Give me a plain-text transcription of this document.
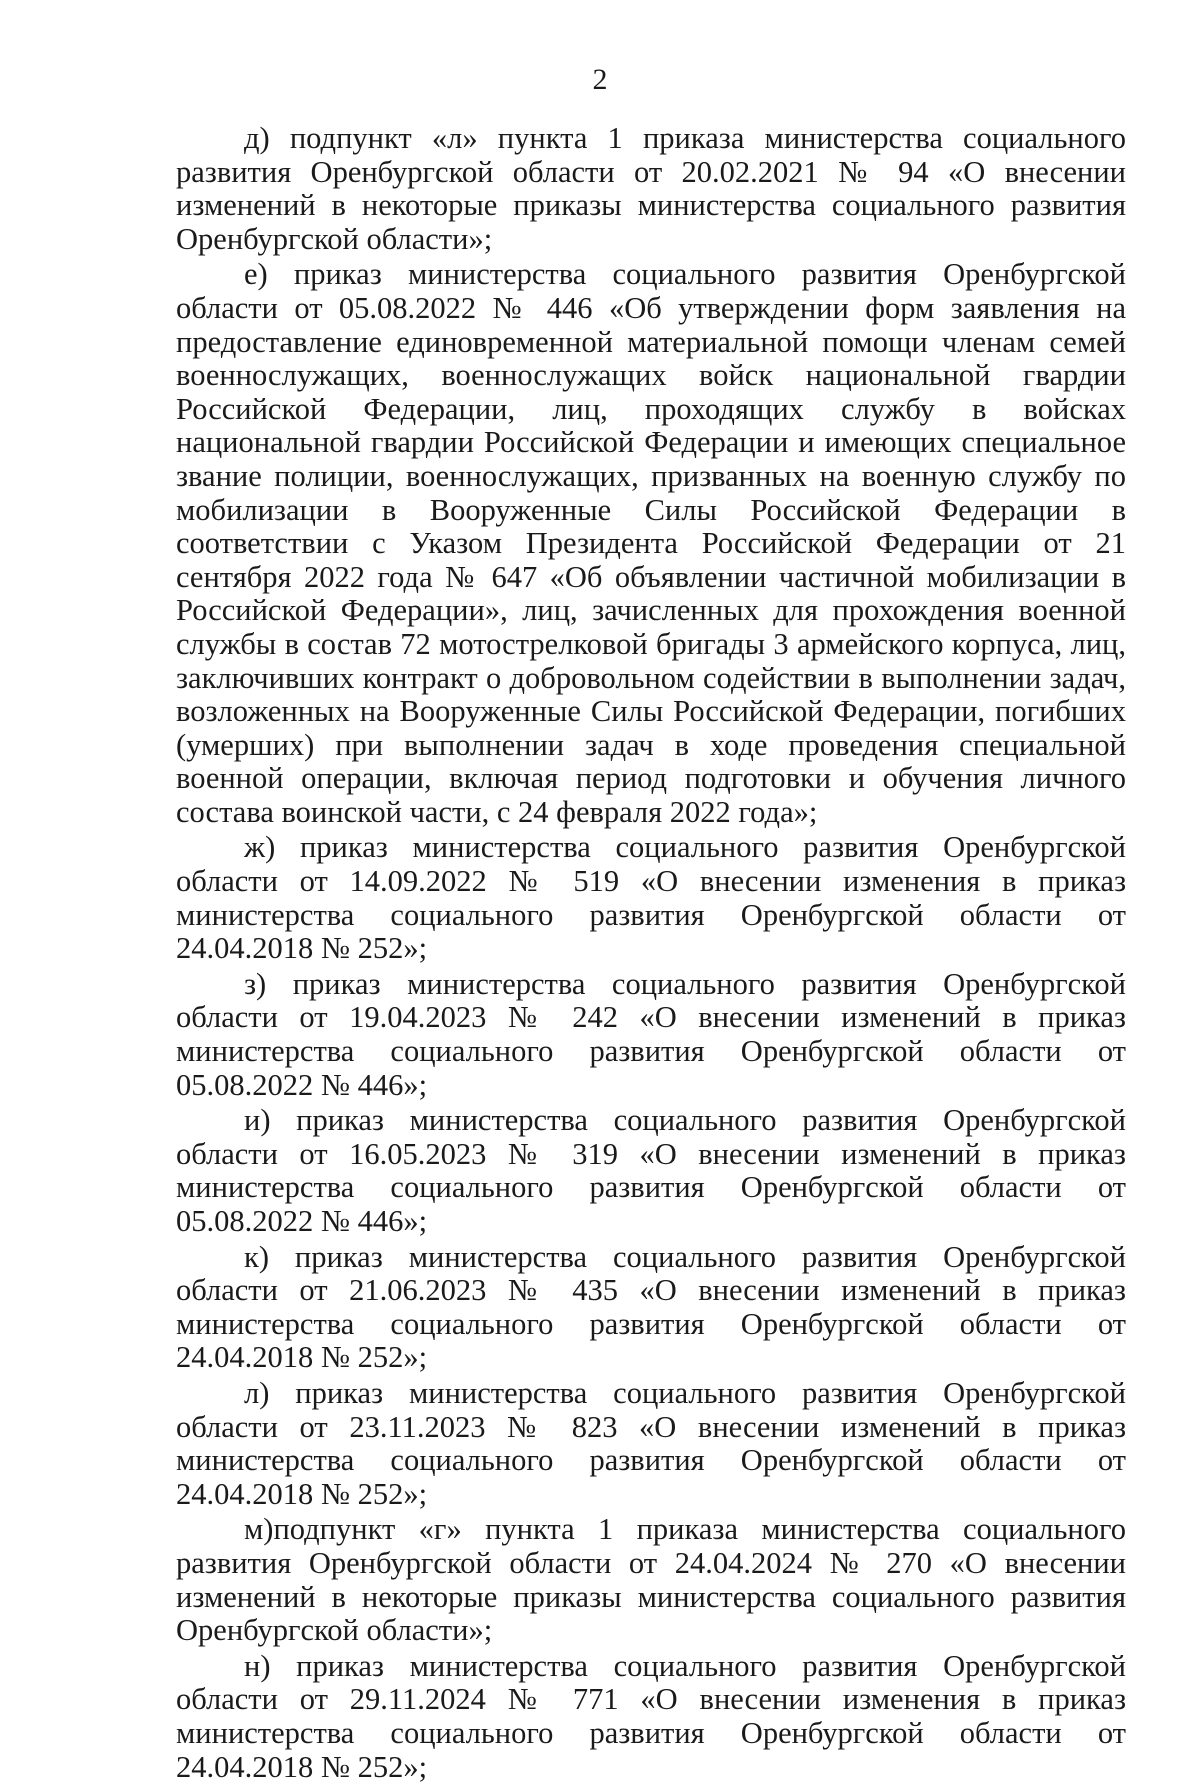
2

д) подпункт «л» пункта 1 приказа министерства социального развития Оренбургской области от 20.02.2021 № 94 «О внесении изменений в некоторые приказы министерства социального развития Оренбургской области»;

е) приказ министерства социального развития Оренбургской области от 05.08.2022 № 446 «Об утверждении форм заявления на предоставление единовременной материальной помощи членам семей военнослужащих, военнослужащих войск национальной гвардии Российской Федерации, лиц, проходящих службу в войсках национальной гвардии Российской Федерации и имеющих специальное звание полиции, военнослужащих, призванных на военную службу по мобилизации в Вооруженные Силы Российской Федерации в соответствии с Указом Президента Российской Федерации от 21 сентября 2022 года № 647 «Об объявлении частичной мобилизации в Российской Федерации», лиц, зачисленных для прохождения военной службы в состав 72 мотострелковой бригады 3 армейского корпуса, лиц, заключивших контракт о добровольном содействии в выполнении задач, возложенных на Вооруженные Силы Российской Федерации, погибших (умерших) при выполнении задач в ходе проведения специальной военной операции, включая период подготовки и обучения личного состава воинской части, с 24 февраля 2022 года»;

ж) приказ министерства социального развития Оренбургской области от 14.09.2022 № 519 «О внесении изменения в приказ министерства социального развития Оренбургской области от 24.04.2018 № 252»;

з) приказ министерства социального развития Оренбургской области от 19.04.2023 № 242 «О внесении изменений в приказ министерства социального развития Оренбургской области от 05.08.2022 № 446»;

и) приказ министерства социального развития Оренбургской области от 16.05.2023 № 319 «О внесении изменений в приказ министерства социального развития Оренбургской области от 05.08.2022 № 446»;

к) приказ министерства социального развития Оренбургской области от 21.06.2023 № 435 «О внесении изменений в приказ министерства социального развития Оренбургской области от 24.04.2018 № 252»;

л) приказ министерства социального развития Оренбургской области от 23.11.2023 № 823 «О внесении изменений в приказ министерства социального развития Оренбургской области от 24.04.2018 № 252»;

м)подпункт «г» пункта 1 приказа министерства социального развития Оренбургской области от 24.04.2024 № 270 «О внесении изменений в некоторые приказы министерства социального развития Оренбургской области»;

н) приказ министерства социального развития Оренбургской области от 29.11.2024 № 771 «О внесении изменения в приказ министерства социального развития Оренбургской области от 24.04.2018 № 252»;
